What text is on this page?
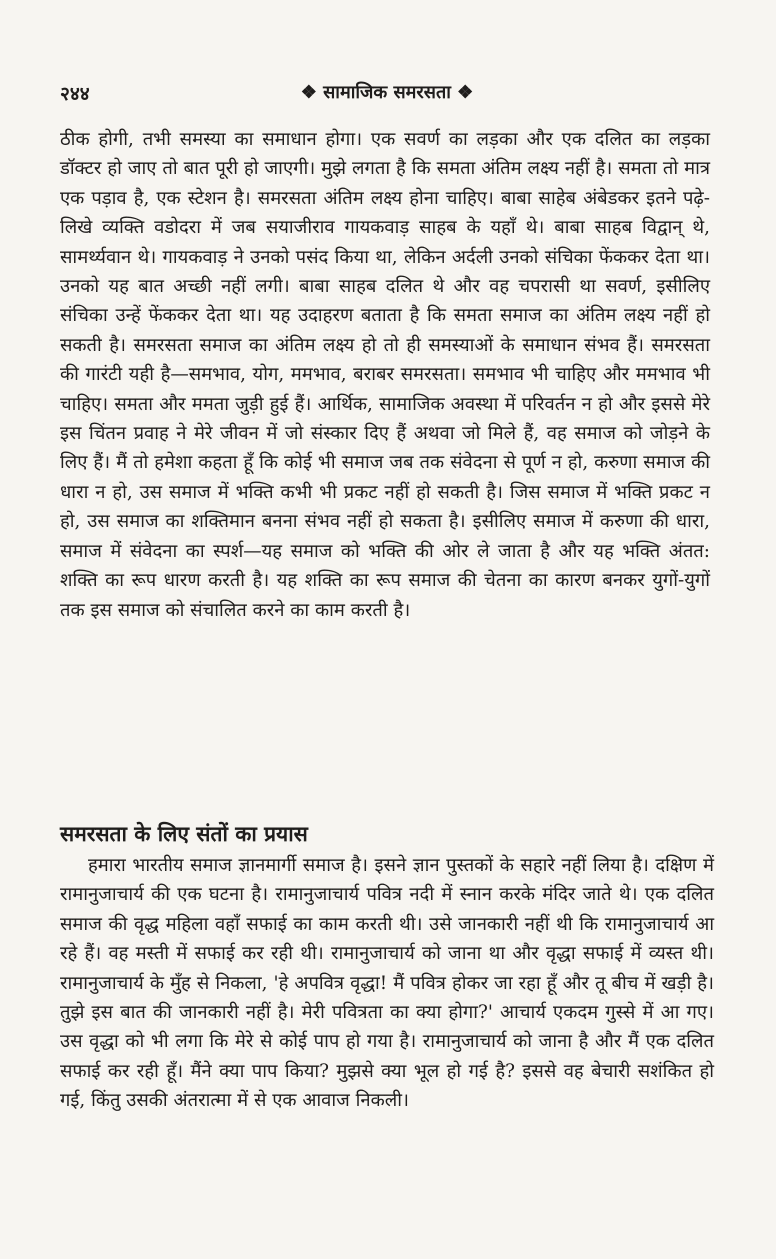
२४४	❖ सामाजिक समरसता ❖

ठीक होगी, तभी समस्या का समाधान होगा। एक सवर्ण का लड़का और एक दलित का लड़का डॉक्टर हो जाए तो बात पूरी हो जाएगी। मुझे लगता है कि समता अंतिम लक्ष्य नहीं है। समता तो मात्र एक पड़ाव है, एक स्टेशन है। समरसता अंतिम लक्ष्य होना चाहिए। बाबा साहेब अंबेडकर इतने पढ़े-लिखे व्यक्ति वडोदरा में जब सयाजीराव गायकवाड़ साहब के यहाँ थे। बाबा साहब विद्वान् थे, सामर्थ्यवान थे। गायकवाड़ ने उनको पसंद किया था, लेकिन अर्दली उनको संचिका फेंककर देता था। उनको यह बात अच्छी नहीं लगी। बाबा साहब दलित थे और वह चपरासी था सवर्ण, इसीलिए संचिका उन्हें फेंककर देता था। यह उदाहरण बताता है कि समता समाज का अंतिम लक्ष्य नहीं हो सकती है। समरसता समाज का अंतिम लक्ष्य हो तो ही समस्याओं के समाधान संभव हैं। समरसता की गारंटी यही है—समभाव, योग, ममभाव, बराबर समरसता। समभाव भी चाहिए और ममभाव भी चाहिए। समता और ममता जुड़ी हुई हैं। आर्थिक, सामाजिक अवस्था में परिवर्तन न हो और इससे मेरे इस चिंतन प्रवाह ने मेरे जीवन में जो संस्कार दिए हैं अथवा जो मिले हैं, वह समाज को जोड़ने के लिए हैं। मैं तो हमेशा कहता हूँ कि कोई भी समाज जब तक संवेदना से पूर्ण न हो, करुणा समाज की धारा न हो, उस समाज में भक्ति कभी भी प्रकट नहीं हो सकती है। जिस समाज में भक्ति प्रकट न हो, उस समाज का शक्तिमान बनना संभव नहीं हो सकता है। इसीलिए समाज में करुणा की धारा, समाज में संवेदना का स्पर्श—यह समाज को भक्ति की ओर ले जाता है और यह भक्ति अंतत: शक्ति का रूप धारण करती है। यह शक्ति का रूप समाज की चेतना का कारण बनकर युगों-युगों तक इस समाज को संचालित करने का काम करती है।

समरसता के लिए संतों का प्रयास

हमारा भारतीय समाज ज्ञानमार्गी समाज है। इसने ज्ञान पुस्तकों के सहारे नहीं लिया है। दक्षिण में रामानुजाचार्य की एक घटना है। रामानुजाचार्य पवित्र नदी में स्नान करके मंदिर जाते थे। एक दलित समाज की वृद्ध महिला वहाँ सफाई का काम करती थी। उसे जानकारी नहीं थी कि रामानुजाचार्य आ रहे हैं। वह मस्ती में सफाई कर रही थी। रामानुजाचार्य को जाना था और वृद्धा सफाई में व्यस्त थी। रामानुजाचार्य के मुँह से निकला, 'हे अपवित्र वृद्धा! मैं पवित्र होकर जा रहा हूँ और तू बीच में खड़ी है। तुझे इस बात की जानकारी नहीं है। मेरी पवित्रता का क्या होगा?' आचार्य एकदम गुस्से में आ गए। उस वृद्धा को भी लगा कि मेरे से कोई पाप हो गया है। रामानुजाचार्य को जाना है और मैं एक दलित सफाई कर रही हूँ। मैंने क्या पाप किया? मुझसे क्या भूल हो गई है? इससे वह बेचारी सशंकित हो गई, किंतु उसकी अंतरात्मा में से एक आवाज निकली।
